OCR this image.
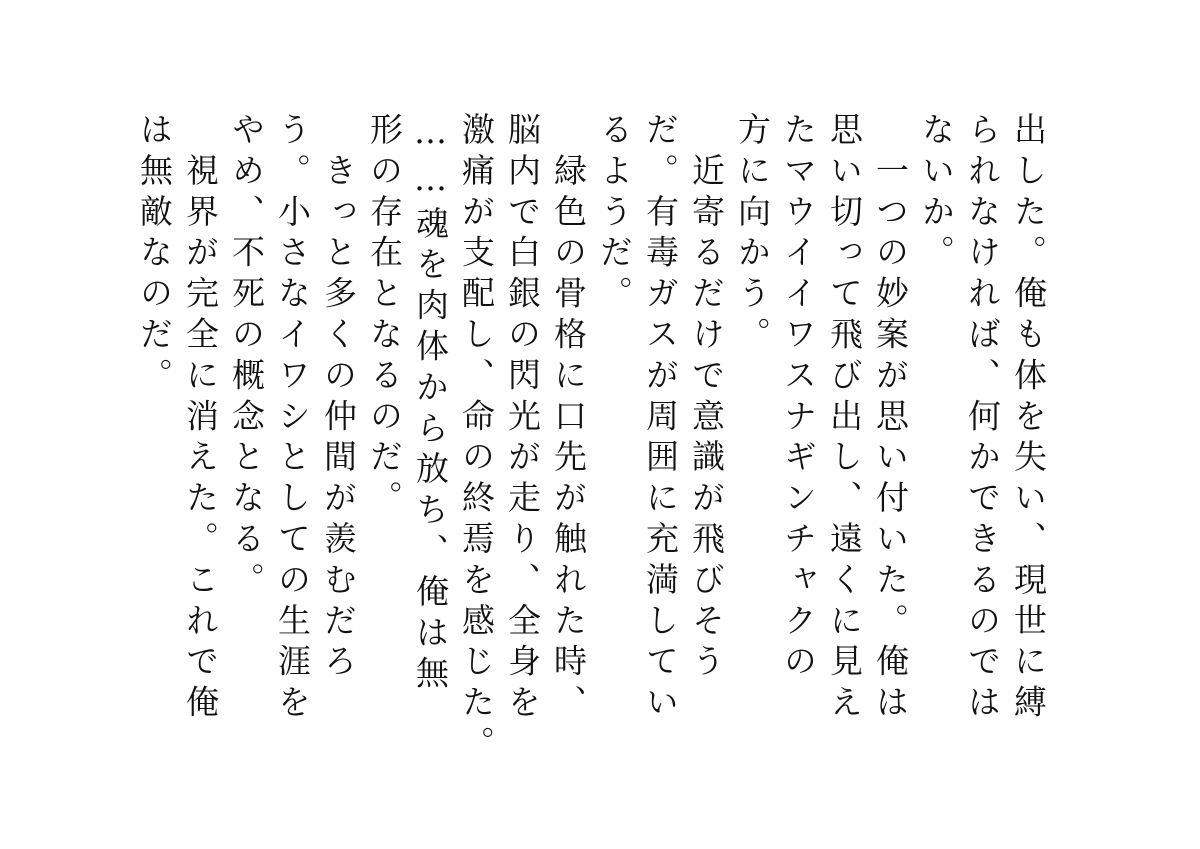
出した。俺も体を失い、現世に縛
られなければ、何かできるのでは
ないか。
　一つの妙案が思い付いた。俺は
思い切って飛び出し、遠くに見え
たマウイイワスナギンチャクの
方に向かう。
　近寄るだけで意識が飛びそう
だ。有毒ガスが周囲に充満してい
るようだ。
　緑色の骨格に口先が触れた時、
脳内で白銀の閃光が走り、全身を
激痛が支配し、命の終焉を感じた。
……魂を肉体から放ち、俺は無
形の存在となるのだ。
　きっと多くの仲間が羨むだろ
う。小さなイワシとしての生涯を
やめ、不死の概念となる。
　視界が完全に消えた。これで俺
は無敵なのだ。
